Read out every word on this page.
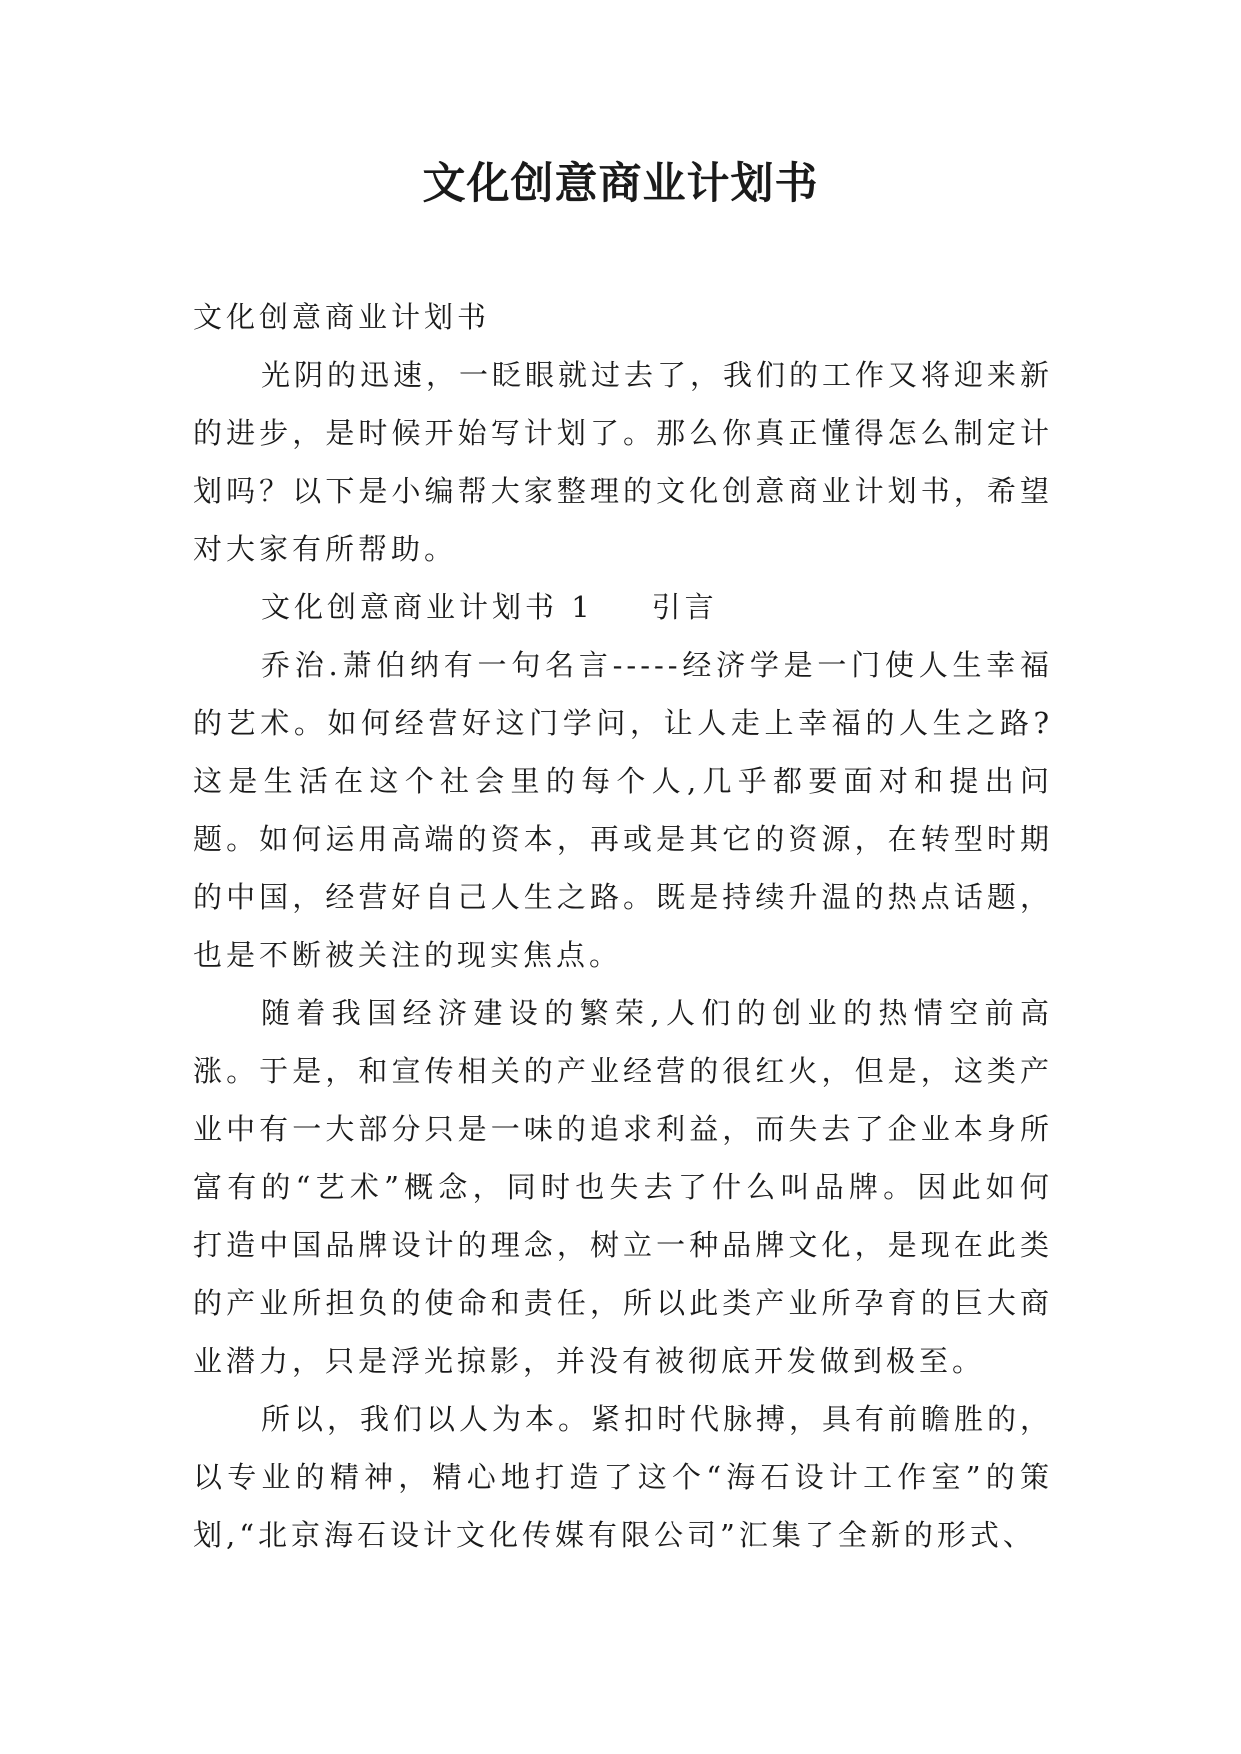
文化创意商业计划书

文化创意商业计划书

光阴的迅速，一眨眼就过去了，我们的工作又将迎来新的进步，是时候开始写计划了。那么你真正懂得怎么制定计划吗？以下是小编帮大家整理的文化创意商业计划书，希望对大家有所帮助。

文化创意商业计划书 1 引言

乔治.萧伯纳有一句名言-----经济学是一门使人生幸福的艺术。如何经营好这门学问，让人走上幸福的人生之路?这是生活在这个社会里的每个人,几乎都要面对和提出问题。如何运用高端的资本，再或是其它的资源，在转型时期的中国，经营好自己人生之路。既是持续升温的热点话题，也是不断被关注的现实焦点。

随着我国经济建设的繁荣,人们的创业的热情空前高涨。于是，和宣传相关的产业经营的很红火，但是，这类产业中有一大部分只是一味的追求利益，而失去了企业本身所富有的“艺术”概念，同时也失去了什么叫品牌。因此如何打造中国品牌设计的理念，树立一种品牌文化，是现在此类的产业所担负的使命和责任，所以此类产业所孕育的巨大商业潜力，只是浮光掠影，并没有被彻底开发做到极至。

所以，我们以人为本。紧扣时代脉搏，具有前瞻胜的，以专业的精神，精心地打造了这个“海石设计工作室”的策划,“北京海石设计文化传媒有限公司”汇集了全新的形式、
